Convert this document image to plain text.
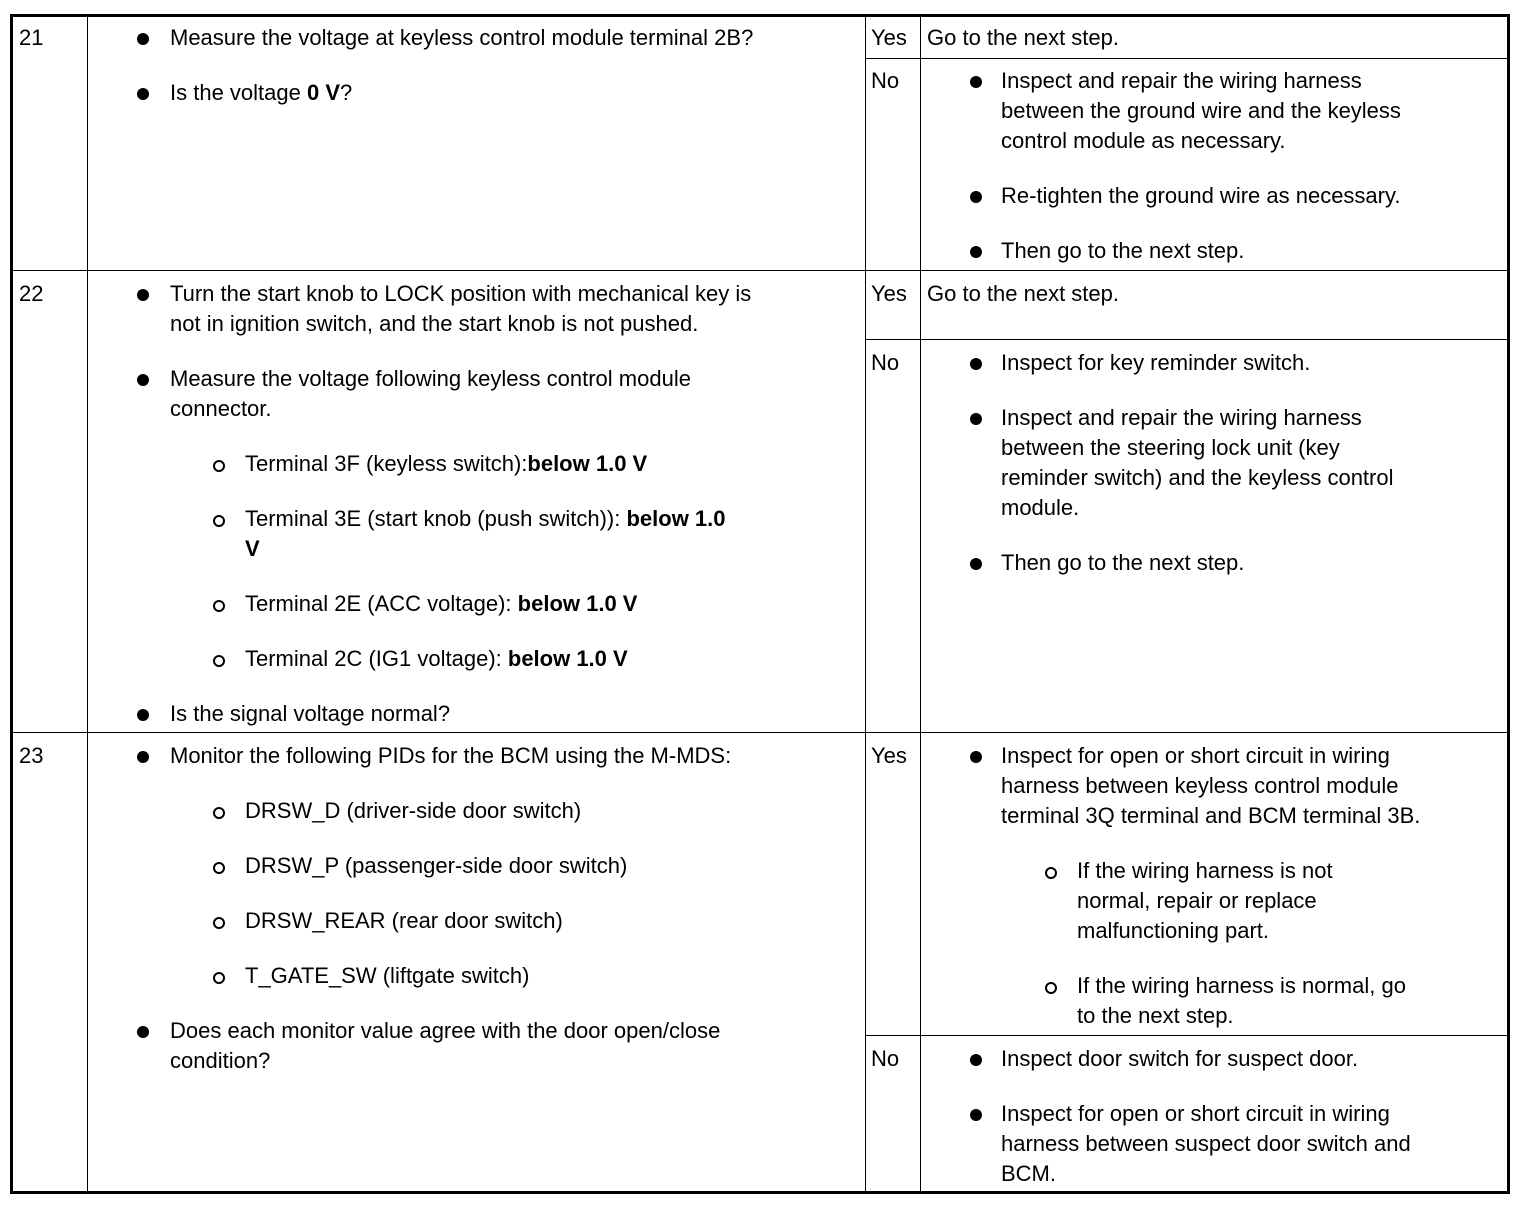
21	Measure the voltage at keyless control module terminal 2B?
Is the voltage 0 V?
Yes Go to the next step.
No	Inspect and repair the wiring harness
between the ground wire and the keyless
control module as necessary.
Re-tighten the ground wire as necessary.
Then go to the next step.
22	Turn the start knob to LOCK position with mechanical key is
not in ignition switch, and the start knob is not pushed.
Measure the voltage following keyless control module
connector.
Terminal 3F (keyless switch):below 1.0 V
Terminal 3E (start knob (push switch)): below 1.0
V
Terminal 2E (ACC voltage): below 1.0 V
Terminal 2C (IG1 voltage): below 1.0 V
Is the signal voltage normal?
Yes Go to the next step.
No	Inspect for key reminder switch.
Inspect and repair the wiring harness
between the steering lock unit (key
reminder switch) and the keyless control
module.
Then go to the next step.
23	Monitor the following PIDs for the BCM using the M-MDS:
DRSW_D (driver-side door switch)
DRSW_P (passenger-side door switch)
DRSW_REAR (rear door switch)
T_GATE_SW (liftgate switch)
Does each monitor value agree with the door open/close
condition?
Yes	Inspect for open or short circuit in wiring
harness between keyless control module
terminal 3Q terminal and BCM terminal 3B.
If the wiring harness is not
normal, repair or replace
malfunctioning part.
If the wiring harness is normal, go
to the next step.
No	Inspect door switch for suspect door.
Inspect for open or short circuit in wiring
harness between suspect door switch and
BCM.
